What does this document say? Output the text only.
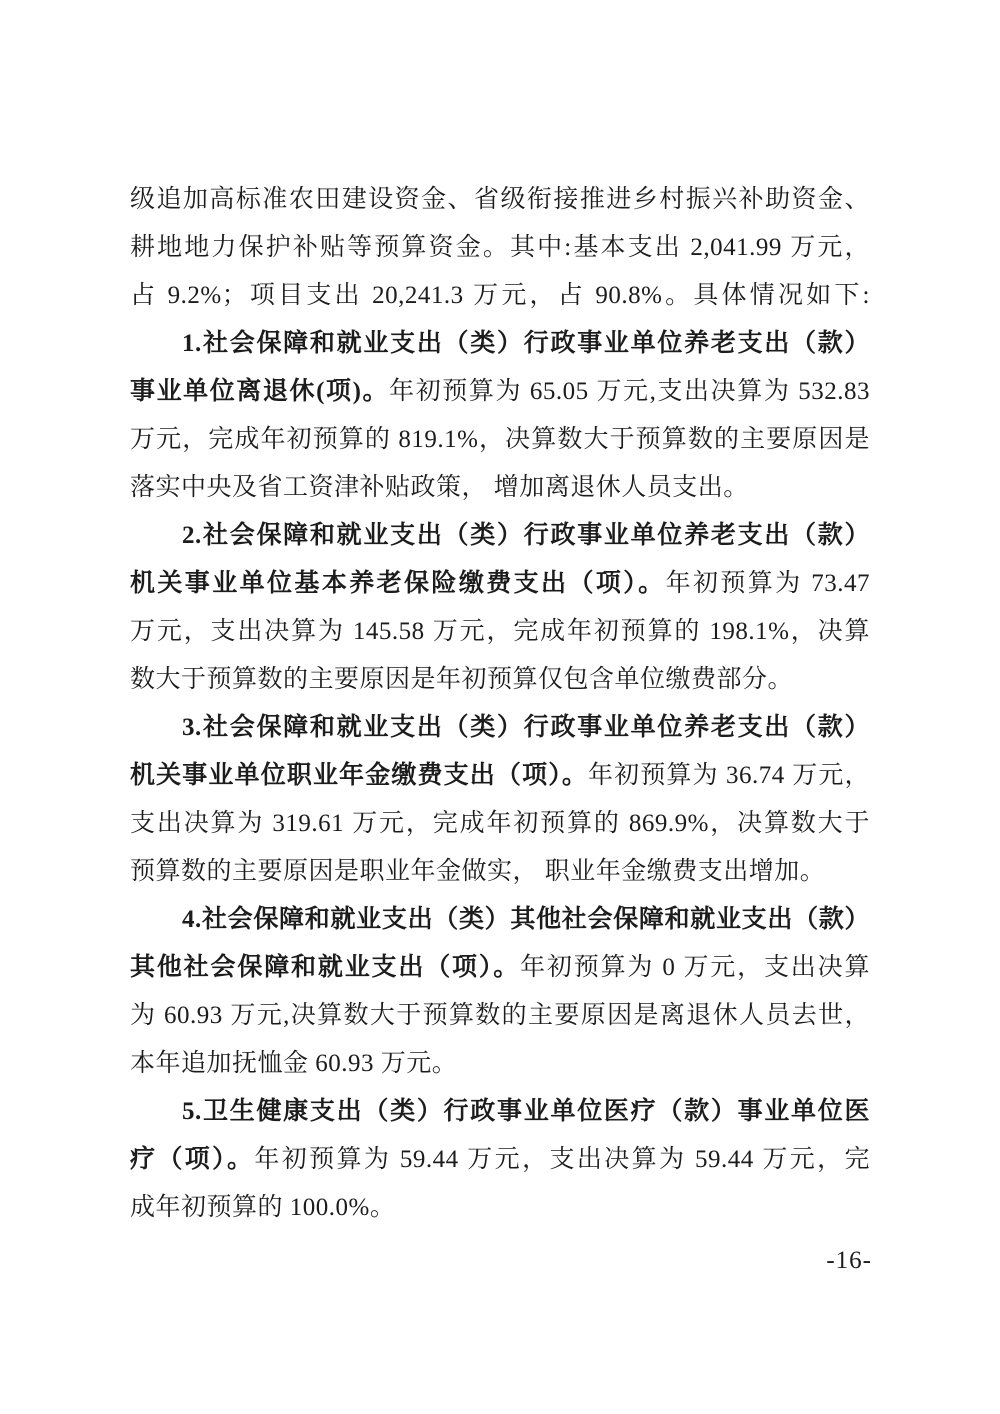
级追加高标准农田建设资金、省级衔接推进乡村振兴补助资金、
耕地地力保护补贴等预算资金。其中:基本支出 2,041.99 万元，
占 9.2%；项目支出 20,241.3 万元，占 90.8%。具体情况如下:
1.社会保障和就业支出（类）行政事业单位养老支出（款）
事业单位离退休(项)。年初预算为 65.05 万元,支出决算为 532.83
万元，完成年初预算的 819.1%，决算数大于预算数的主要原因是
落实中央及省工资津补贴政策， 增加离退休人员支出。
2.社会保障和就业支出（类）行政事业单位养老支出（款）
机关事业单位基本养老保险缴费支出（项）。年初预算为 73.47
万元，支出决算为 145.58 万元，完成年初预算的 198.1%，决算
数大于预算数的主要原因是年初预算仅包含单位缴费部分。
3.社会保障和就业支出（类）行政事业单位养老支出（款）
机关事业单位职业年金缴费支出（项）。年初预算为 36.74 万元，
支出决算为 319.61 万元，完成年初预算的 869.9%，决算数大于
预算数的主要原因是职业年金做实， 职业年金缴费支出增加。
4.社会保障和就业支出（类）其他社会保障和就业支出（款）
其他社会保障和就业支出（项）。年初预算为 0 万元，支出决算
为 60.93 万元,决算数大于预算数的主要原因是离退休人员去世，
本年追加抚恤金 60.93 万元。
5.卫生健康支出（类）行政事业单位医疗（款）事业单位医
疗（项）。年初预算为 59.44 万元，支出决算为 59.44 万元，完
成年初预算的 100.0%。
-16-
